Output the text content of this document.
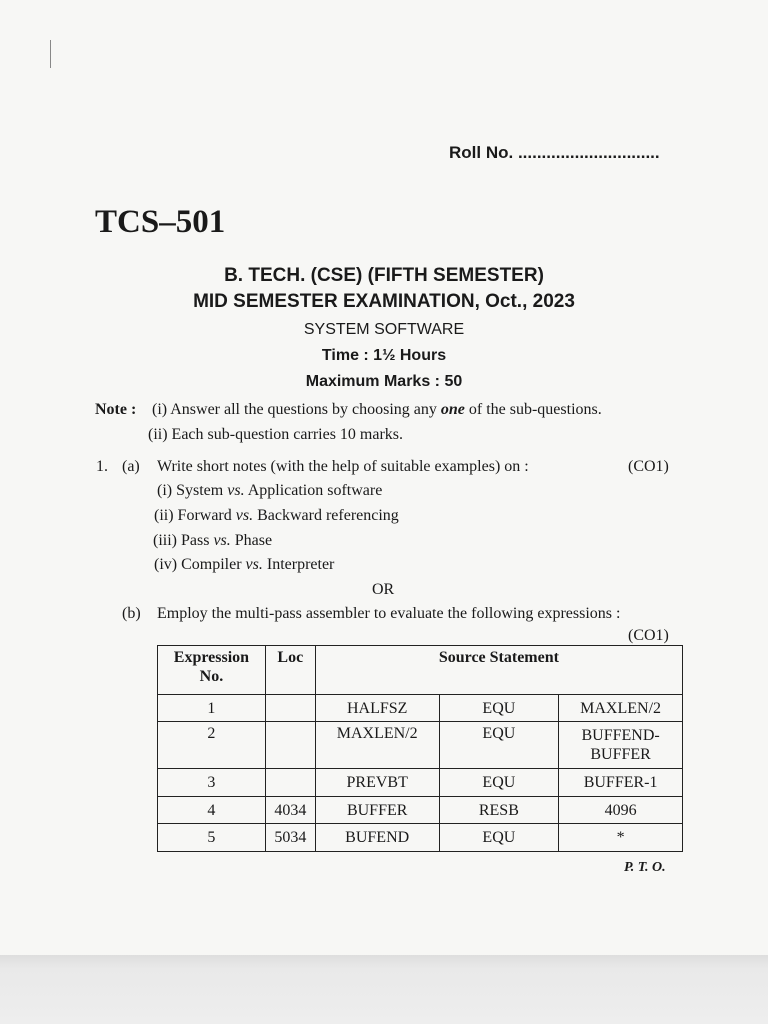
Roll No. ..............................
TCS–501
B. TECH. (CSE) (FIFTH SEMESTER)
MID SEMESTER EXAMINATION, Oct., 2023
SYSTEM SOFTWARE
Time : 1½ Hours
Maximum Marks : 50
Note : (i) Answer all the questions by choosing any one of the sub-questions.
(ii) Each sub-question carries 10 marks.
1. (a) Write short notes (with the help of suitable examples) on :	(CO1)
(i) System vs. Application software
(ii) Forward vs. Backward referencing
(iii) Pass vs. Phase
(iv) Compiler vs. Interpreter
OR
(b) Employ the multi-pass assembler to evaluate the following expressions :
(CO1)
Expression
No.	Loc	Source Statement		
1		HALFSZ	EQU	MAXLEN/2
2		MAXLEN/2	EQU	BUFFEND-
BUFFER
3		PREVBT	EQU	BUFFER-1
4	4034	BUFFER	RESB	4096
5	5034	BUFEND	EQU	*
P. T. O.
